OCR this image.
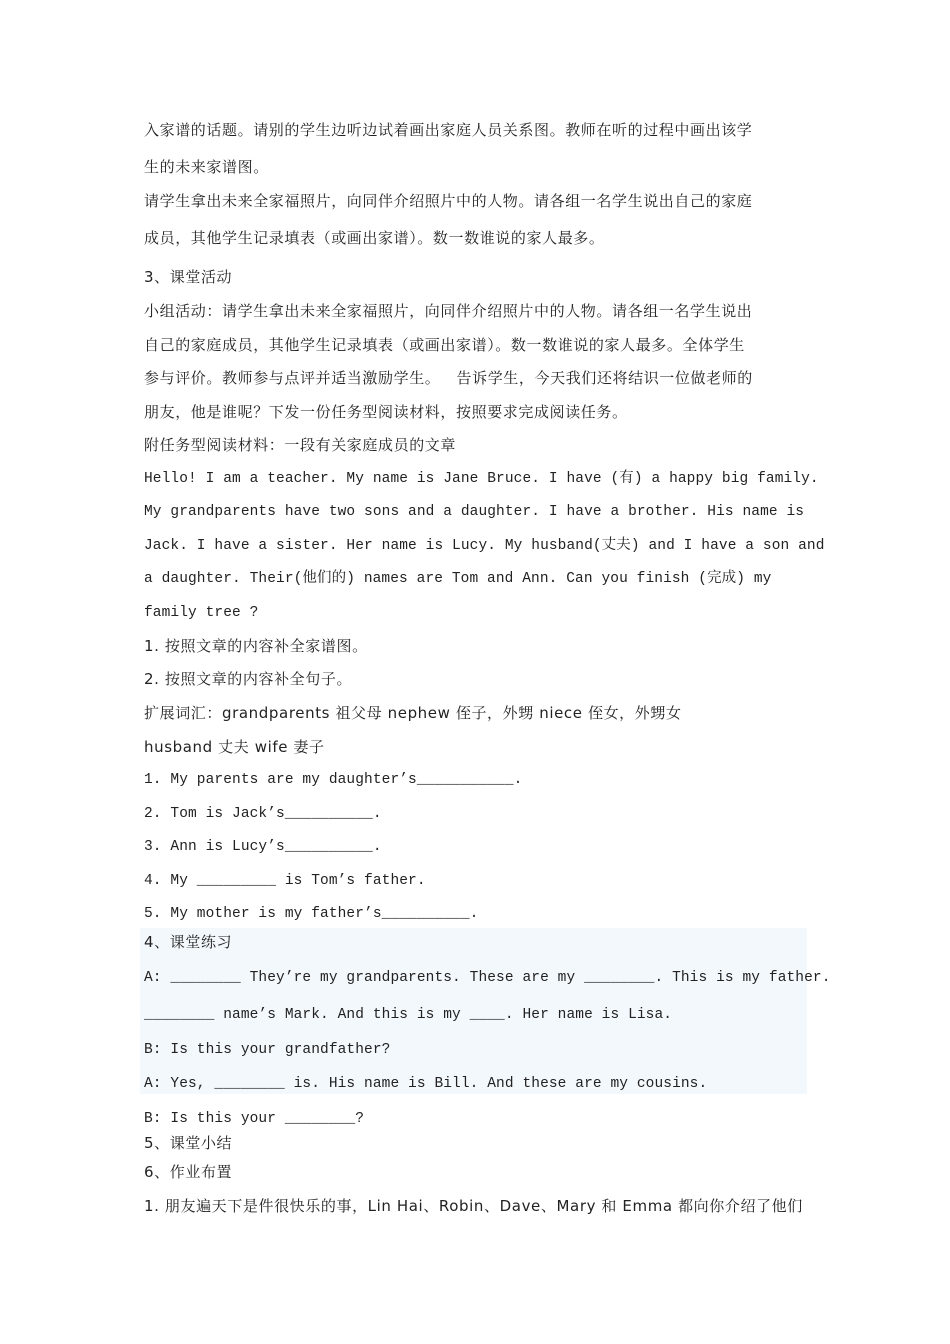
入家谱的话题。请别的学生边听边试着画出家庭人员关系图。教师在听的过程中画出该学
生的未来家谱图。
请学生拿出未来全家福照片，向同伴介绍照片中的人物。请各组一名学生说出自己的家庭
成员，其他学生记录填表（或画出家谱）。数一数谁说的家人最多。
3、课堂活动
小组活动：请学生拿出未来全家福照片，向同伴介绍照片中的人物。请各组一名学生说出
自己的家庭成员，其他学生记录填表（或画出家谱）。数一数谁说的家人最多。全体学生
参与评价。教师参与点评并适当激励学生。   告诉学生，今天我们还将结识一位做老师的
朋友，他是谁呢？下发一份任务型阅读材料，按照要求完成阅读任务。
附任务型阅读材料：一段有关家庭成员的文章
Hello! I am a teacher. My name is Jane Bruce. I have (有) a happy big family.
My grandparents have two sons and a daughter. I have a brother. His name is
Jack. I have a sister. Her name is Lucy. My husband(丈夫) and I have a son and
a daughter. Their(他们的) names are Tom and Ann. Can you finish (完成) my
family tree ?
1. 按照文章的内容补全家谱图。
2. 按照文章的内容补全句子。
扩展词汇：grandparents 祖父母 nephew 侄子，外甥 niece 侄女，外甥女
husband 丈夫 wife 妻子
1. My parents are my daughter’s___________.
2. Tom is Jack’s__________.
3. Ann is Lucy’s__________.
4. My _________ is Tom’s father.
5. My mother is my father’s__________.
4、课堂练习
A: ________ They’re my grandparents. These are my ________. This is my father.
________ name’s Mark. And this is my ____. Her name is Lisa.
B: Is this your grandfather?
A: Yes, ________ is. His name is Bill. And these are my cousins.
B: Is this your ________?
5、课堂小结
6、作业布置
1. 朋友遍天下是件很快乐的事，Lin Hai、Robin、Dave、Mary 和 Emma 都向你介绍了他们
